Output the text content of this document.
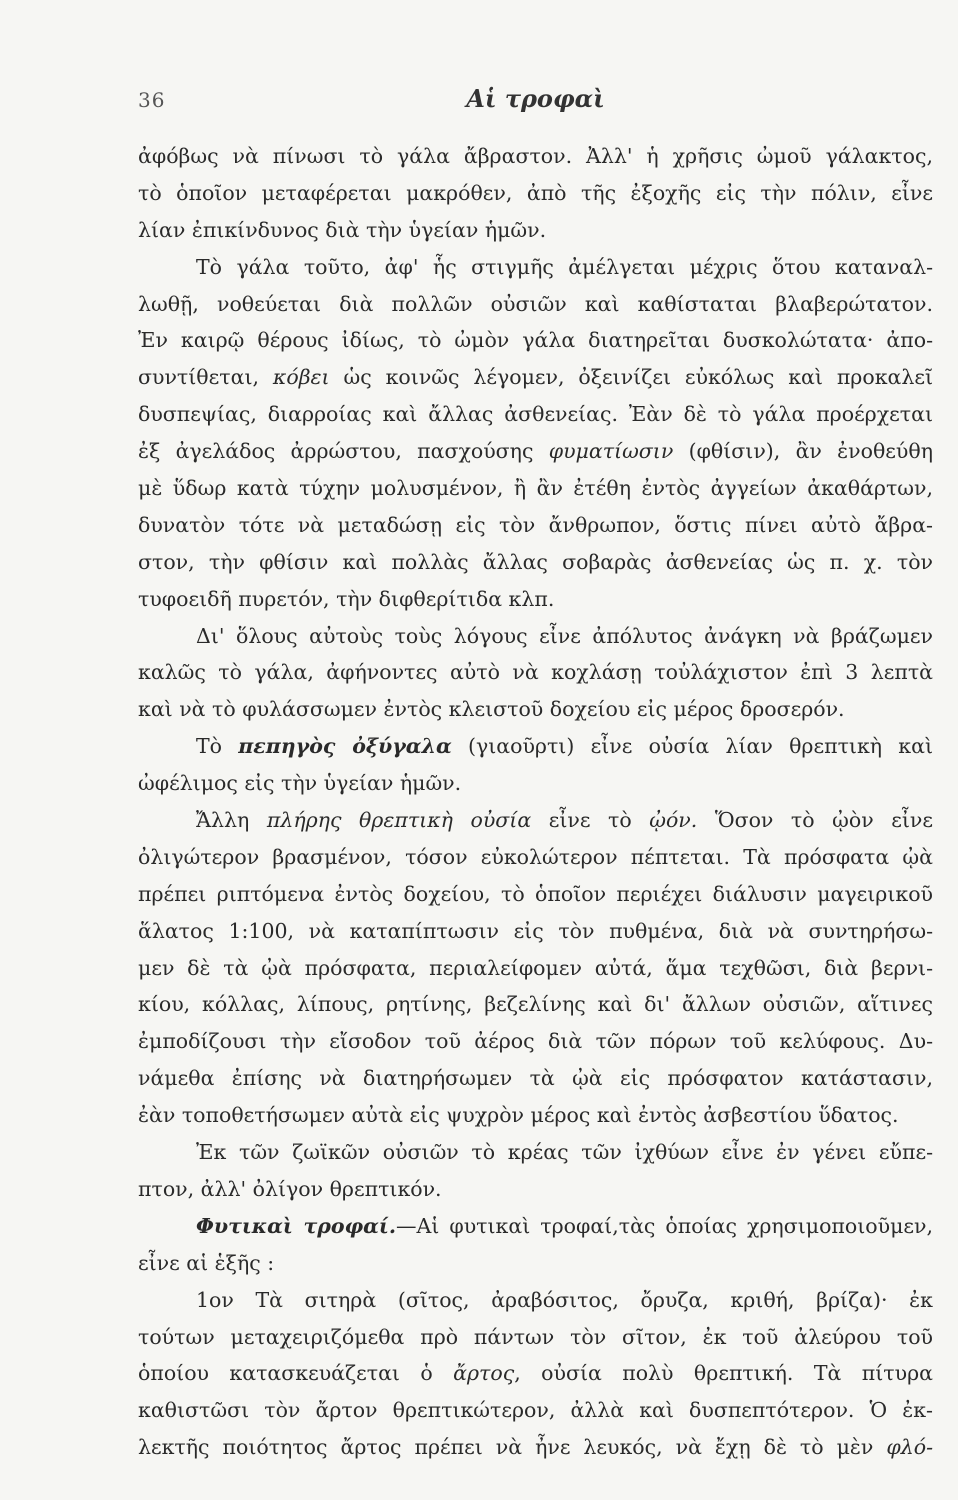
36	Αἱ τροφαὶ
ἀφόβως νὰ πίνωσι τὸ γάλα ἄβραστον. Ἀλλ' ἡ χρῆσις ὠμοῦ γάλακτος,
τὸ ὁποῖον μεταφέρεται μακρόθεν, ἀπὸ τῆς ἐξοχῆς εἰς τὴν πόλιν, εἶνε
λίαν ἐπικίνδυνος διὰ τὴν ὑγείαν ἡμῶν.
Τὸ γάλα τοῦτο, ἀφ' ἧς στιγμῆς ἀμέλγεται μέχρις ὅτου καταναλ-
λωθῇ, νοθεύεται διὰ πολλῶν οὐσιῶν καὶ καθίσταται βλαβερώτατον.
Ἐν καιρῷ θέρους ἰδίως, τὸ ὠμὸν γάλα διατηρεῖται δυσκολώτατα· ἀπο-
συντίθεται, κόβει ὡς κοινῶς λέγομεν, ὀξεινίζει εὐκόλως καὶ προκαλεῖ
δυσπεψίας, διαρροίας καὶ ἄλλας ἀσθενείας. Ἐὰν δὲ τὸ γάλα προέρχεται
ἐξ ἀγελάδος ἀρρώστου, πασχούσης φυματίωσιν (φθίσιν), ἂν ἐνοθεύθη
μὲ ὕδωρ κατὰ τύχην μολυσμένον, ἢ ἂν ἐτέθη ἐντὸς ἀγγείων ἀκαθάρτων,
δυνατὸν τότε νὰ μεταδώσῃ εἰς τὸν ἄνθρωπον, ὅστις πίνει αὐτὸ ἄβρα-
στον, τὴν φθίσιν καὶ πολλὰς ἄλλας σοβαρὰς ἀσθενείας ὡς π. χ. τὸν
τυφοειδῆ πυρετόν, τὴν διφθερίτιδα κλπ.
Δι' ὅλους αὐτοὺς τοὺς λόγους εἶνε ἀπόλυτος ἀνάγκη νὰ βράζωμεν
καλῶς τὸ γάλα, ἀφήνοντες αὐτὸ νὰ κοχλάσῃ τοὐλάχιστον ἐπὶ 3 λεπτὰ
καὶ νὰ τὸ φυλάσσωμεν ἐντὸς κλειστοῦ δοχείου εἰς μέρος δροσερόν.
Τὸ πεπηγὸς ὀξύγαλα (γιαοῦρτι) εἶνε οὐσία λίαν θρεπτικὴ καὶ
ὠφέλιμος εἰς τὴν ὑγείαν ἡμῶν.
Ἄλλη πλήρης θρεπτικὴ οὐσία εἶνε τὸ ᾠόν. Ὅσον τὸ ᾠὸν εἶνε
ὀλιγώτερον βρασμένον, τόσον εὐκολώτερον πέπτεται. Τὰ πρόσφατα ᾠὰ
πρέπει ριπτόμενα ἐντὸς δοχείου, τὸ ὁποῖον περιέχει διάλυσιν μαγειρικοῦ
ἅλατος 1:100, νὰ καταπίπτωσιν εἰς τὸν πυθμένα, διὰ νὰ συντηρήσω-
μεν δὲ τὰ ᾠὰ πρόσφατα, περιαλείφομεν αὐτά, ἅμα τεχθῶσι, διὰ βερνι-
κίου, κόλλας, λίπους, ρητίνης, βεζελίνης καὶ δι' ἄλλων οὐσιῶν, αἵτινες
ἐμποδίζουσι τὴν εἴσοδον τοῦ ἀέρος διὰ τῶν πόρων τοῦ κελύφους. Δυ-
νάμεθα ἐπίσης νὰ διατηρήσωμεν τὰ ᾠὰ εἰς πρόσφατον κατάστασιν,
ἐὰν τοποθετήσωμεν αὐτὰ εἰς ψυχρὸν μέρος καὶ ἐντὸς ἀσβεστίου ὕδατος.
Ἐκ τῶν ζωϊκῶν οὐσιῶν τὸ κρέας τῶν ἰχθύων εἶνε ἐν γένει εὔπε-
πτον, ἀλλ' ὀλίγον θρεπτικόν.
Φυτικαὶ τροφαί.—Αἱ φυτικαὶ τροφαί,τὰς ὁποίας χρησιμοποιοῦμεν,
εἶνε αἱ ἑξῆς :
1ον Τὰ σιτηρὰ (σῖτος, ἀραβόσιτος, ὄρυζα, κριθή, βρίζα)· ἐκ
τούτων μεταχειριζόμεθα πρὸ πάντων τὸν σῖτον, ἐκ τοῦ ἀλεύρου τοῦ
ὁποίου κατασκευάζεται ὁ ἄρτος, οὐσία πολὺ θρεπτική. Τὰ πίτυρα
καθιστῶσι τὸν ἄρτον θρεπτικώτερον, ἀλλὰ καὶ δυσπεπτότερον. Ὁ ἐκ-
λεκτῆς ποιότητος ἄρτος πρέπει νὰ ἦνε λευκός, νὰ ἔχῃ δὲ τὸ μὲν φλό-
